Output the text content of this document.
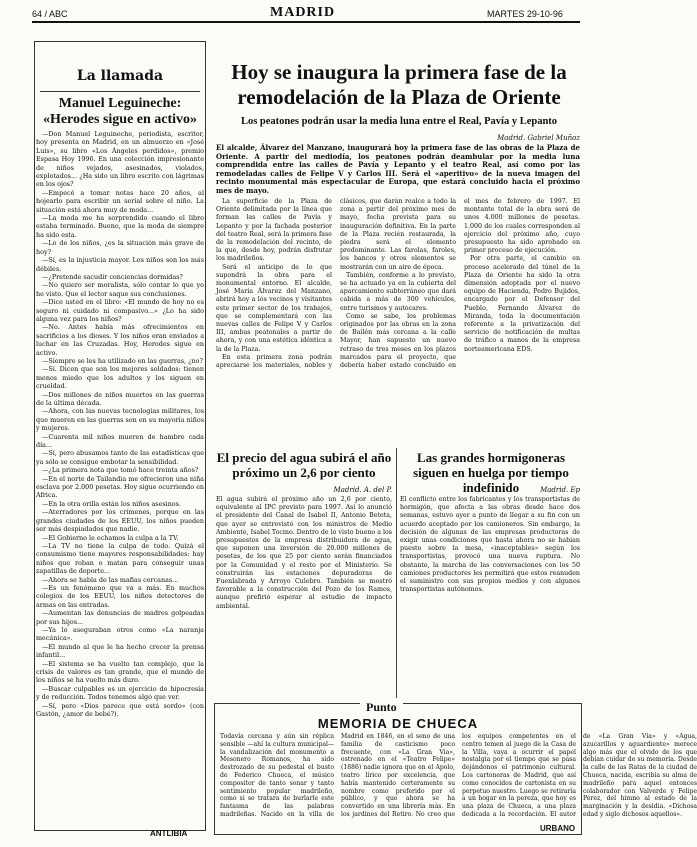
64 / ABC	MADRID	MARTES 29-10-96
La llamada
Manuel Leguineche: «Herodes sigue en activo»

—Don Manuel Leguineche, periodista, escritor, hoy presenta en Madrid, en un almuerzo en «José Luis», su libro «Los Ángeles perdidos», premio Espasa Hoy 1996. En una colección impresionante de niños vejados, asesinados, violados, explotados... ¿Ha sido un libro escrito con lágrimas en los ojos?

—Empecé a tomar notas hace 20 años, al hojearlo para escribir un serial sobre el niño. La situación está ahora muy de moda...

—La moda me ha sorprendido cuando el libro estaba terminado. Bueno, que la moda de siempre ha sido esta.

—Lo de los niños, ¿es la situación más grave de hoy?

—Sí, es la injusticia mayor. Los niños son los más débiles.

—¿Pretende sacudir conciencias dormidas?

—No quiero ser moralista, sólo contar lo que yo he visto. Que el lector saque sus conclusiones.

—Dice usted en el libro: «El mundo de hoy no es seguro ni cuidado ni compasivo...» ¿Lo ha sido alguna vez para los niños?

—No. Antes había más ofrecimientos en sacrificios a los dioses. Y los niños eran enviados a luchar en las Cruzadas. Hoy, Herodes sigue en activo.

—Siempre se les ha utilizado en las guerras, ¿no?

—Sí. Dicen que son los mejores soldados: tienen menos miedo que los adultos y los siguen en crueldad.

—Dos millones de niños muertos en las guerras de la última década.

—Ahora, con las nuevas tecnologías militares, los que mueren en las guerras son en su mayoría niños y mujeres.

—Cuarenta mil niños mueren de hambre cada día...

—Sí, pero abusamos tanto de las estadísticas que ya sólo se consigue embotar la sensibilidad.

—¿La primera nota que tomó hace treinta años?

—En el norte de Tailandia me ofrecieron una niña esclava por 2.000 pesetas. Hoy sigue ocurriendo en Africa.

—En la otra orilla están los niños asesinos.

—Aterradores por los crímenes, porque en las grandes ciudades de los EEUU, los niños pueden ser más despiadados que nadie.

—El Gobierno le echamos la culpa a la TV.

—La TV no tiene la culpa de todo. Quizá el consumismo tiene mayores responsabilidades: hay niños que roban o matan para conseguir unas zapatillas de deporte...

—Ahora se habla de las mafias cercanas...

—Es un fenómeno que va a más. En muchos colegios de los EEUU, los niños detectores de armas en las entradas.

—Aumentan las denuncias de madres golpeadas por sus hijos...

—Ya lo aseguraban otros como «La naranja mecánica».

—El mundo al que le ha hecho crecer la prensa infantil...

—El sistema se ha vuelto tan complejo, que la crisis de valores es tan grande, que el mundo de los niños se ha vuelto más duro.

—Buscar culpables es un ejercicio de hipocresía y de reducción. Todos tenemos algo que ver.

—Sí, pero «Dios parece que está sordo» (con Gastón, ¿amor de bebé?).

ANTLIBIA
Hoy se inaugura la primera fase de la remodelación de la Plaza de Oriente
Los peatones podrán usar la media luna entre el Real, Pavía y Lepanto
Madrid. Gabriel Muñoz
El alcalde, Álvarez del Manzano, inaugurará hoy la primera fase de las obras de la Plaza de Oriente. A partir del mediodía, los peatones podrán deambular por la media luna comprendida entre las calles de Pavía y Lepanto y el teatro Real, así como por las remodeladas calles de Felipe V y Carlos III. Será el «aperitivo» de la nueva imagen del recinto monumental más espectacular de Europa, que estará concluido hacia el próximo mes de mayo.

La superficie de la Plaza de Oriente delimitada por la línea que forman las calles de Pavía y Lepanto y por la fachada posterior del teatro Real, será la primera fase de la remodelación del recinto, de la que, desde hoy, podrán disfrutar los madrileños.

Será el anticipo de lo que supondrá la obra para el monumental entorno. El alcalde, José María Álvarez del Manzano, abrirá hoy a los vecinos y visitantes este primer sector de los trabajos, que se complementará con las nuevas calles de Felipe V y Carlos III, ambas peatonales a partir de ahora, y con una estética idéntica a la de la Plaza.

En esta primera zona podrán apreciarse los materiales, nobles y clásicos, que darán realce a todo la zona a partir del próximo mes de mayo, fecha prevista para su inauguración definitiva. En la parte de la Plaza recién restaurada, la piedra será el elemento predominante. Las farolas, faroles, los bancos y otros elementos se mostrarán con un aire de época.

También, conforme a lo previsto, se ha actuado ya en la cubierta del aparcamiento subterráneo que dará cabida a más de 300 vehículos, entre turismos y autocares.

Como se sabe, los problemas originados por las obras en la zona de Bailén más cercana a la calle Mayor, han supuesto un nuevo retraso de tres meses en los plazos marcados para el proyecto, que debería haber estado concluido en el mes de febrero de 1997. El montante total de la obra será de unos 4.000 millones de pesetas. 1.000 de los cuales corresponden al ejercicio del próximo año, cuyo presupuesto ha sido aprobado en primer proceso de ejecución.

Por otra parte, el cambio en proceso acelerado del túnel de la Plaza de Oriente ha sido la otra dimensión adoptada por el nuevo equipo de Hacienda, Pedro Bujidos, encargado por el Defensor del Pueblo, Fernando Álvarez de Miranda, toda la documentación referente a la privatización del servicio de notificación de multas de tráfico a manos de la empresa norteamericana EDS.

El precio del agua subirá el año próximo un 2,6 por ciento
Madrid. A. del P.
El agua subirá el próximo año un 2,6 por ciento, equivalente al IPC previsto para 1997. Así lo anunció el presidente del Canal de Isabel II, Antonio Beteta, que ayer se entrevistó con los ministros de Medio Ambiente, Isabel Tocino. Dentro de lo visto bueno a los presupuestos de la empresa distribuidora de agua, que suponen una inversión de 20.000 millones de pesetas, de los que 25 por ciento serán financiados por la Comunidad y el resto por el Ministerio. Se construirán las estaciones depuradoras de Fuenlabrada y Arroyo Culebro. También se mostró favorable a la construcción del Pozo de los Ramos, aunque prefirió esperar al estudio de impacto ambiental.
Las grandes hormigoneras siguen en huelga por tiempo indefinido	Madrid. Ep
El conflicto entre los fabricantes y los transportistas de hormigón, que afecta a las obras desde hace dos semanas, estuvo ayer a punto de llegar a su fin con un acuerdo aceptado por los camioneros. Sin embargo, la decisión de algunas de las empresas productoras de exigir unas condiciones que hasta ahora no se habían puesto sobre la mesa, «inaceptables» según los transportistas, provocó una nueva ruptura. No obstante, la marcha de las conversaciones con los 50 camiones productores les permitirá que estos reanuden el suministro con sus propios medios y con algunos transportistas autónomos.
Punto
MEMORIA DE CHUECA
Todavía cercana y aún sin réplica sensible —ahí la cultura municipal— la vandalización del monumento a Mesonero Romanos, ha sido destrozado de su pedestal el busto de Federico Chueca, el músico compositor de tanto sonar y tanto sentimiento popular madrileño, como si se tratara de burlarle este fantasma de las palabras madrileñas. Nacido en la villa de Madrid en 1846, en el seno de una familia de casticismo poco frecuente, con «La Gran Vía», estrenado en el «Teatro Felipe» (1886) nadie ignora que en el Apolo, teatro lírico por excelencia, que había mantenido certeramente su nombre como preferido por el público, y que ahora se ha convertido en una librería más. En los jardines del Retiro. No creo que los equipos competentes en el centro temen al juego de la Casa de la Villa, vaya a ocurrir el papel nostalgia por el tiempo que se pasa dejándonos el patrimonio cultural. Los cartoneras de Madrid, que así como conocidos de cartonista en su perpetuo nuestro. Luego se retiraría a un hogar en la pereza, que hoy es una plaza de Chueca, a una plaza dedicada a la recordación. El autor de «La Gran Vía» y «Agua, azucarillos y aguardiente» merece algo más que el olvido de los que debían cuidar de su memoria. Desde la calle de las Ratas de la ciudad de Chueca, nacida, escribía su alma de madrileño para aquel entonces colaborador con Valverde y Felipe Pérez, del himno al estado de la marginación y la desidia. «Dichosa edad y siglo dichosos aquellos».
URBANO
